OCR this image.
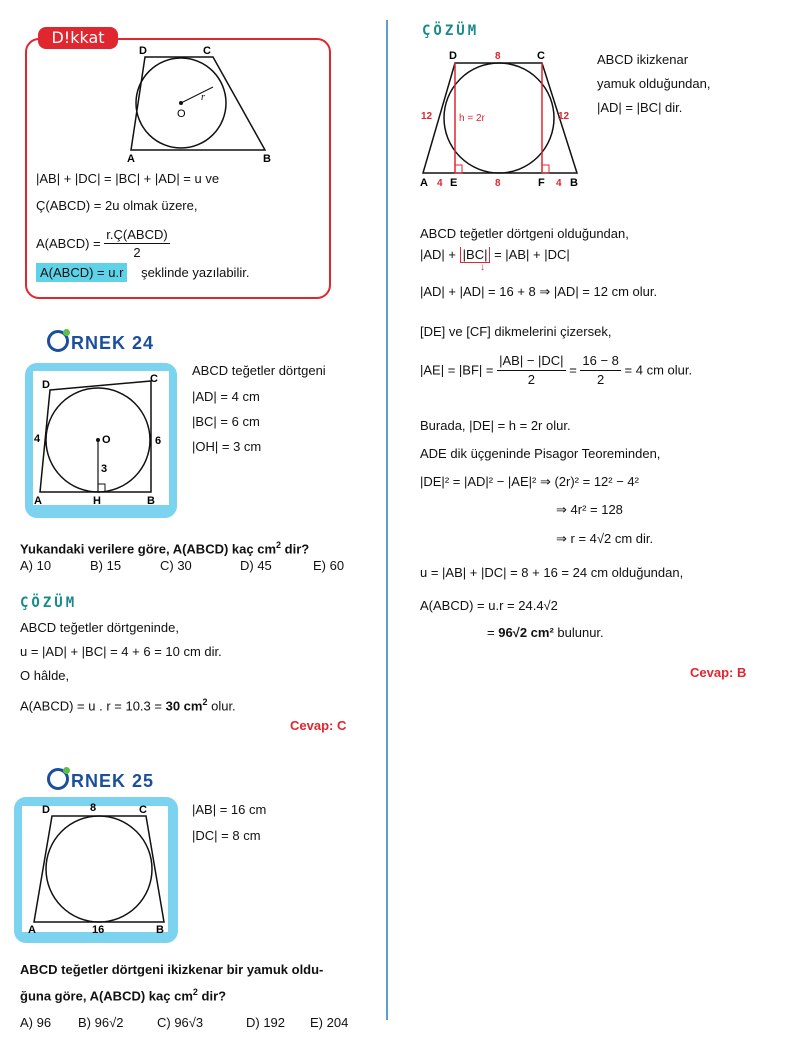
D!kkat
D	C
A	B
O
r
|AB| + |DC| = |BC| + |AD| = u ve
Ç(ABCD) = 2u olmak üzere,
A(ABCD) = $\frac{\text{r.Ç(ABCD)}}{2}$
A(ABCD) = u.r şeklinde yazılabilir.
RNEK 24
D	C
A	B
H
O
4	6
3
ABCD teğetler dörtgeni
|AD| = 4 cm
|BC| = 6 cm
|OH| = 3 cm
Yukandaki verilere göre, A(ABCD) kaç $cm^2$ dir?
A) 10	B) 15	C) 30	D) 45	E) 60
ÇÖZÜM
ABCD teğetler dörtgeninde,
u = |AD| + |BC| = 4 + 6 = 10 cm dir.
O hâlde,
A(ABCD) = u . r = 10.3 = 30 $cm^2$ olur.
Cevap: C
RNEK 25
D	C
8
A	B
16
|AB| = 16 cm
|DC| = 8 cm
ABCD teğetler dörtgeni ikizkenar bir yamuk oldu-
ğuna göre, A(ABCD) kaç $cm^2$ dir?
A) 96 B) 96√2	C) 96√3	D) 192 E) 204
ÇÖZÜM
D	C
A	B
E	F
8
8
4	4
12	12
h = 2r
ABCD ikizkenar
yamuk olduğundan,
|AD| = |BC| dir.
ABCD teğetler dörtgeni olduğundan,
|AD| + |BC| = |AB| + |DC|
↓
|AD| + |AD| = 16 + 8 ⇒ |AD| = 12 cm olur.
[DE] ve [CF] dikmelerini çizersek,
$|AE| = |BF| = \frac{|AB| - |DC|}{2} = \frac{16 - 8}{2} = 4$ cm olur.
Burada, |DE| = h = 2r olur.
ADE dik üçgeninde Pisagor Teoreminden,
|DE|² = |AD|² − |AE|² ⇒ (2r)² = 12² − 4²
⇒ 4r² = 128
⇒ r = 4√2 cm dir.
u = |AB| + |DC| = 8 + 16 = 24 cm olduğundan,
A(ABCD) = u.r = 24.4√2
= 96√2 cm² bulunur.
Cevap: B
